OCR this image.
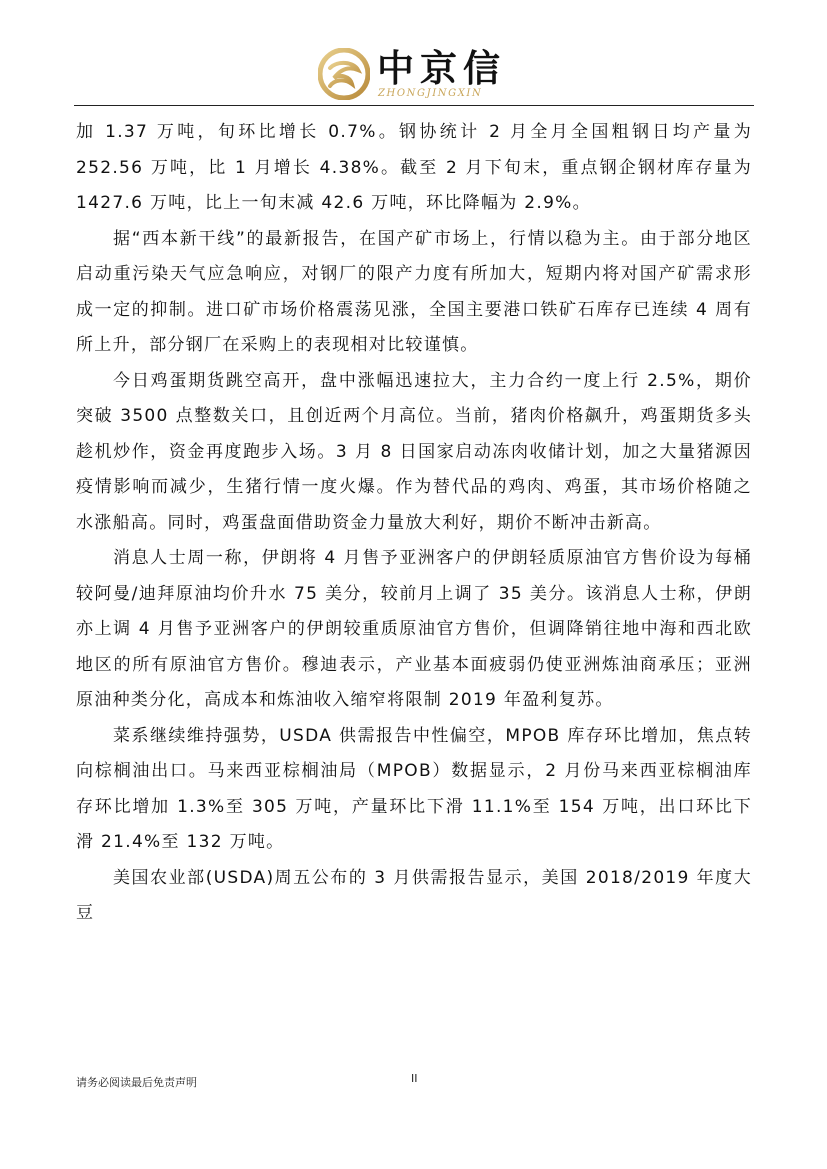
中京信
ZHONGJINGXIN

加 1.37 万吨，旬环比增长 0.7%。钢协统计 2 月全月全国粗钢日均产量为 252.56 万吨，比 1 月增长 4.38%。截至 2 月下旬末，重点钢企钢材库存量为 1427.6 万吨，比上一旬末减 42.6 万吨，环比降幅为 2.9%。

据“西本新干线”的最新报告，在国产矿市场上，行情以稳为主。由于部分地区启动重污染天气应急响应，对钢厂的限产力度有所加大，短期内将对国产矿需求形成一定的抑制。进口矿市场价格震荡见涨，全国主要港口铁矿石库存已连续 4 周有所上升，部分钢厂在采购上的表现相对比较谨慎。

今日鸡蛋期货跳空高开，盘中涨幅迅速拉大，主力合约一度上行 2.5%，期价突破 3500 点整数关口，且创近两个月高位。当前，猪肉价格飙升，鸡蛋期货多头趁机炒作，资金再度跑步入场。3 月 8 日国家启动冻肉收储计划，加之大量猪源因疫情影响而减少，生猪行情一度火爆。作为替代品的鸡肉、鸡蛋，其市场价格随之水涨船高。同时，鸡蛋盘面借助资金力量放大利好，期价不断冲击新高。

消息人士周一称，伊朗将 4 月售予亚洲客户的伊朗轻质原油官方售价设为每桶较阿曼/迪拜原油均价升水 75 美分，较前月上调了 35 美分。该消息人士称，伊朗亦上调 4 月售予亚洲客户的伊朗较重质原油官方售价，但调降销往地中海和西北欧地区的所有原油官方售价。穆迪表示，产业基本面疲弱仍使亚洲炼油商承压；亚洲原油种类分化，高成本和炼油收入缩窄将限制 2019 年盈利复苏。

菜系继续维持强势，USDA 供需报告中性偏空，MPOB 库存环比增加，焦点转向棕榈油出口。马来西亚棕榈油局（MPOB）数据显示，2 月份马来西亚棕榈油库存环比增加 1.3%至 305 万吨，产量环比下滑 11.1%至 154 万吨，出口环比下滑 21.4%至 132 万吨。

美国农业部(USDA)周五公布的 3 月供需报告显示，美国 2018/2019 年度大豆

请务必阅读最后免责声明	II
